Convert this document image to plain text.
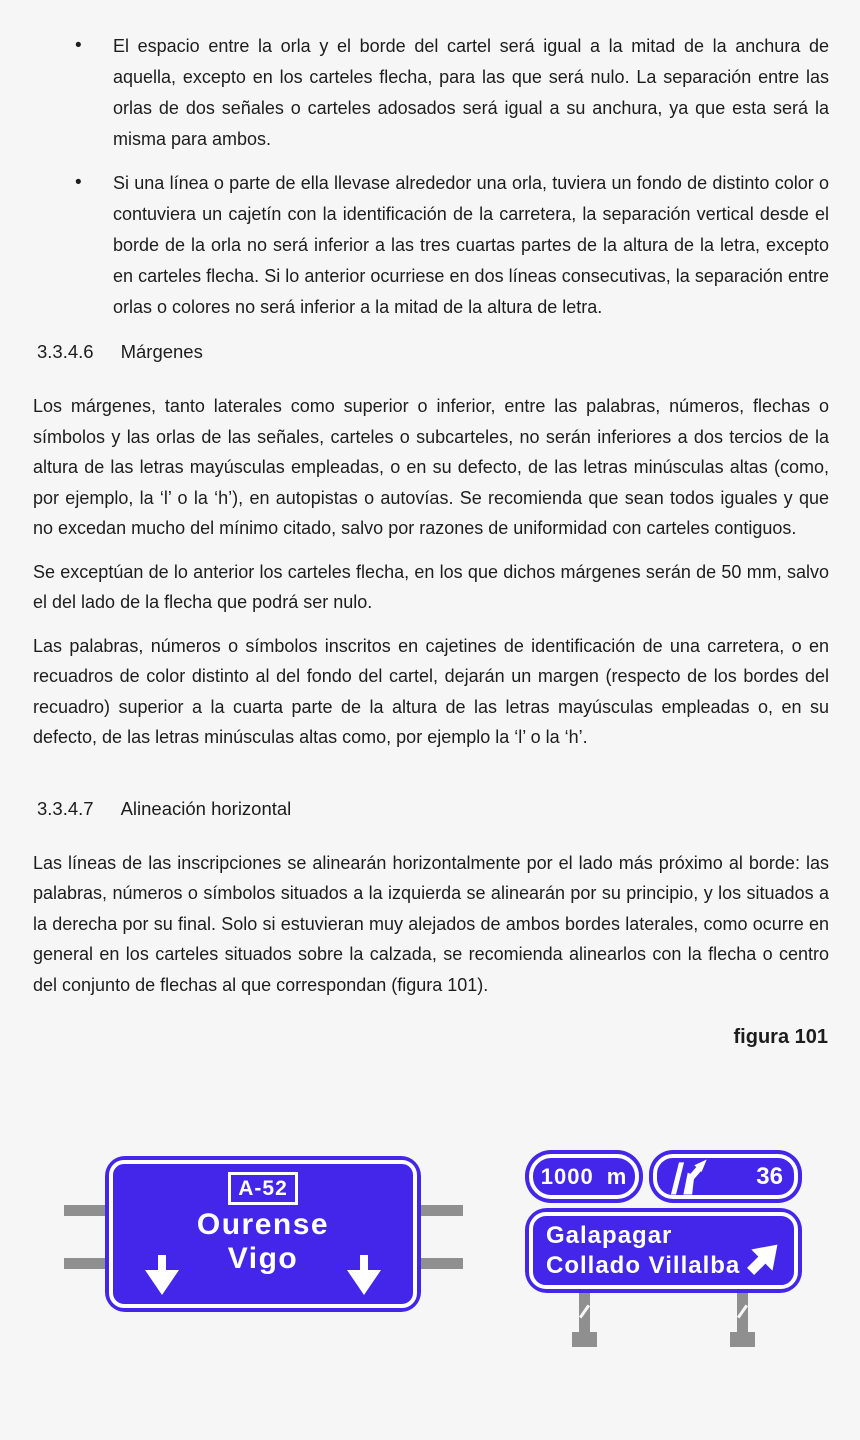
• El espacio entre la orla y el borde del cartel será igual a la mitad de la anchura de aquella, excepto en los carteles flecha, para las que será nulo. La separación entre las orlas de dos señales o carteles adosados será igual a su anchura, ya que esta será la misma para ambos.
• Si una línea o parte de ella llevase alrededor una orla, tuviera un fondo de distinto color o contuviera un cajetín con la identificación de la carretera, la separación vertical desde el borde de la orla no será inferior a las tres cuartas partes de la altura de la letra, excepto en carteles flecha. Si lo anterior ocurriese en dos líneas consecutivas, la separación entre orlas o colores no será inferior a la mitad de la altura de letra.
3.3.4.6 Márgenes

Los márgenes, tanto laterales como superior o inferior, entre las palabras, números, flechas o símbolos y las orlas de las señales, carteles o subcarteles, no serán inferiores a dos tercios de la altura de las letras mayúsculas empleadas, o en su defecto, de las letras minúsculas altas (como, por ejemplo, la ‘l’ o la ‘h’), en autopistas o autovías. Se recomienda que sean todos iguales y que no excedan mucho del mínimo citado, salvo por razones de uniformidad con carteles contiguos.

Se exceptúan de lo anterior los carteles flecha, en los que dichos márgenes serán de 50 mm, salvo el del lado de la flecha que podrá ser nulo.

Las palabras, números o símbolos inscritos en cajetines de identificación de una carretera, o en recuadros de color distinto al del fondo del cartel, dejarán un margen (respecto de los bordes del recuadro) superior a la cuarta parte de la altura de las letras mayúsculas empleadas o, en su defecto, de las letras minúsculas altas como, por ejemplo la ‘l’ o la ‘h’.

3.3.4.7 Alineación horizontal

Las líneas de las inscripciones se alinearán horizontalmente por el lado más próximo al borde: las palabras, números o símbolos situados a la izquierda se alinearán por su principio, y los situados a la derecha por su final. Solo si estuvieran muy alejados de ambos bordes laterales, como ocurre en general en los carteles situados sobre la calzada, se recomienda alinearlos con la flecha o centro del conjunto de flechas al que correspondan (figura 101).

figura 101
A-52
Ourense
Vigo
1000 m	36
Galapagar
Collado Villalba
